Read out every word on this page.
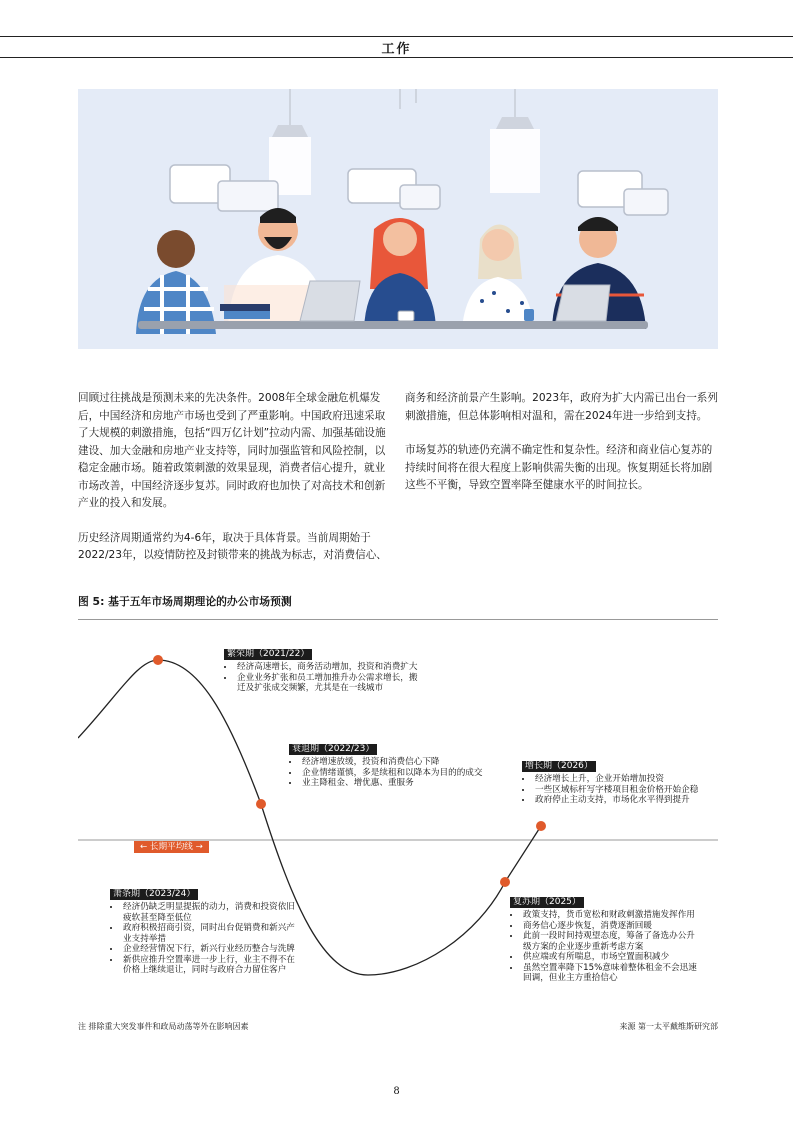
工作

回顾过往挑战是预测未来的先决条件。2008年全球金融危机爆发后，中国经济和房地产市场也受到了严重影响。中国政府迅速采取了大规模的刺激措施，包括“四万亿计划”拉动内需、加强基础设施建设、加大金融和房地产业支持等，同时加强监管和风险控制，以稳定金融市场。随着政策刺激的效果显现，消费者信心提升，就业市场改善，中国经济逐步复苏。同时政府也加快了对高技术和创新产业的投入和发展。

历史经济周期通常约为4-6年，取决于具体背景。当前周期始于2022/23年，以疫情防控及封锁带来的挑战为标志，对消费信心、

商务和经济前景产生影响。2023年，政府为扩大内需已出台一系列刺激措施，但总体影响相对温和，需在2024年进一步给到支持。

市场复苏的轨迹仍充满不确定性和复杂性。经济和商业信心复苏的持续时间将在很大程度上影响供需失衡的出现。恢复期延长将加剧这些不平衡，导致空置率降至健康水平的时间拉长。

图 5: 基于五年市场周期理论的办公市场预测
← 长期平均线 →
繁荣期（2021/22）
• 经济高速增长，商务活动增加，投资和消费扩大
• 企业业务扩张和员工增加推升办公需求增长，搬迁及扩张成交频繁，尤其是在一线城市
衰退期（2022/23）
• 经济增速放缓，投资和消费信心下降
• 企业情绪谨慎，多是续租和以降本为目的的成交
• 业主降租金、增优惠、重服务
增长期（2026）
• 经济增长上升，企业开始增加投资
• 一些区域标杆写字楼项目租金价格开始企稳
• 政府停止主动支持，市场化水平得到提升
萧条期（2023/24）
• 经济仍缺乏明显提振的动力，消费和投资依旧疲软甚至降至低位
• 政府积极招商引资，同时出台促销费和新兴产业支持举措
• 企业经营情况下行，新兴行业经历整合与洗牌
• 新供应推升空置率进一步上行，业主不得不在价格上继续退让，同时与政府合力留住客户
复苏期（2025）
• 政策支持，货币宽松和财政刺激措施发挥作用
• 商务信心逐步恢复，消费逐渐回暖
• 此前一段时间持观望态度，筹备了备选办公升级方案的企业逐步重新考虑方案
• 供应端或有所喘息，市场空置面积减少
• 虽然空置率降下15%意味着整体租金不会迅速回调，但业主方重拾信心
注 排除重大突发事件和政局动荡等外在影响因素	来源 第一太平戴维斯研究部
8
